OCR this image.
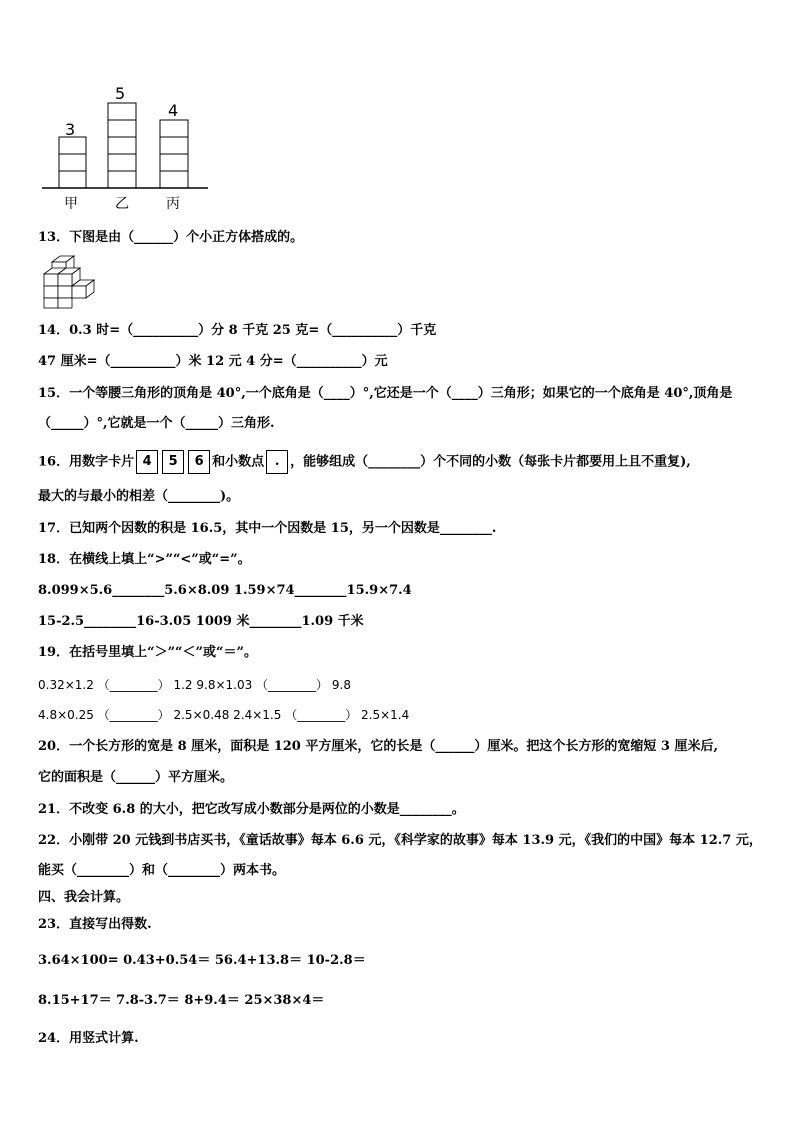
3
5
4
甲	乙	丙
13．下图是由（______）个小正方体搭成的。
14．0.3 时=（__________）分 8 千克 25 克=（__________）千克
47 厘米=（__________）米 12 元 4 分=（__________）元
15．一个等腰三角形的顶角是 40°,一个底角是（____）°,它还是一个（____）三角形；如果它的一个底角是 40°,顶角是
（_____）°,它就是一个（_____）三角形.
16．用数字卡片 4 5 6 和小数点 . ，能够组成（________）个不同的小数（每张卡片都要用上且不重复),
最大的与最小的相差（________)。
17．已知两个因数的积是 16.5，其中一个因数是 15，另一个因数是________.
18．在横线上填上“>”“<”或“=”。
8.099×5.6________5.6×8.09 1.59×74________15.9×7.4
15-2.5________16-3.05 1009 米________1.09 千米
19．在括号里填上“＞”“＜”或“＝”。
0.32×1.2 （________） 1.2 9.8×1.03 （________） 9.8
4.8×0.25 （________） 2.5×0.48 2.4×1.5 （________） 2.5×1.4
20．一个长方形的宽是 8 厘米，面积是 120 平方厘米，它的长是（______）厘米。把这个长方形的宽缩短 3 厘米后,
它的面积是（______）平方厘米。
21．不改变 6.8 的大小，把它改写成小数部分是两位的小数是________。
22．小刚带 20 元钱到书店买书，《童话故事》每本 6.6 元，《科学家的故事》每本 13.9 元，《我们的中国》每本 12.7 元，
能买（________）和（________）两本书。
四、我会计算。
23．直接写出得数.
3.64×100= 0.43+0.54＝ 56.4+13.8＝ 10-2.8＝
8.15+17＝ 7.8-3.7＝ 8+9.4＝ 25×38×4＝
24．用竖式计算.
